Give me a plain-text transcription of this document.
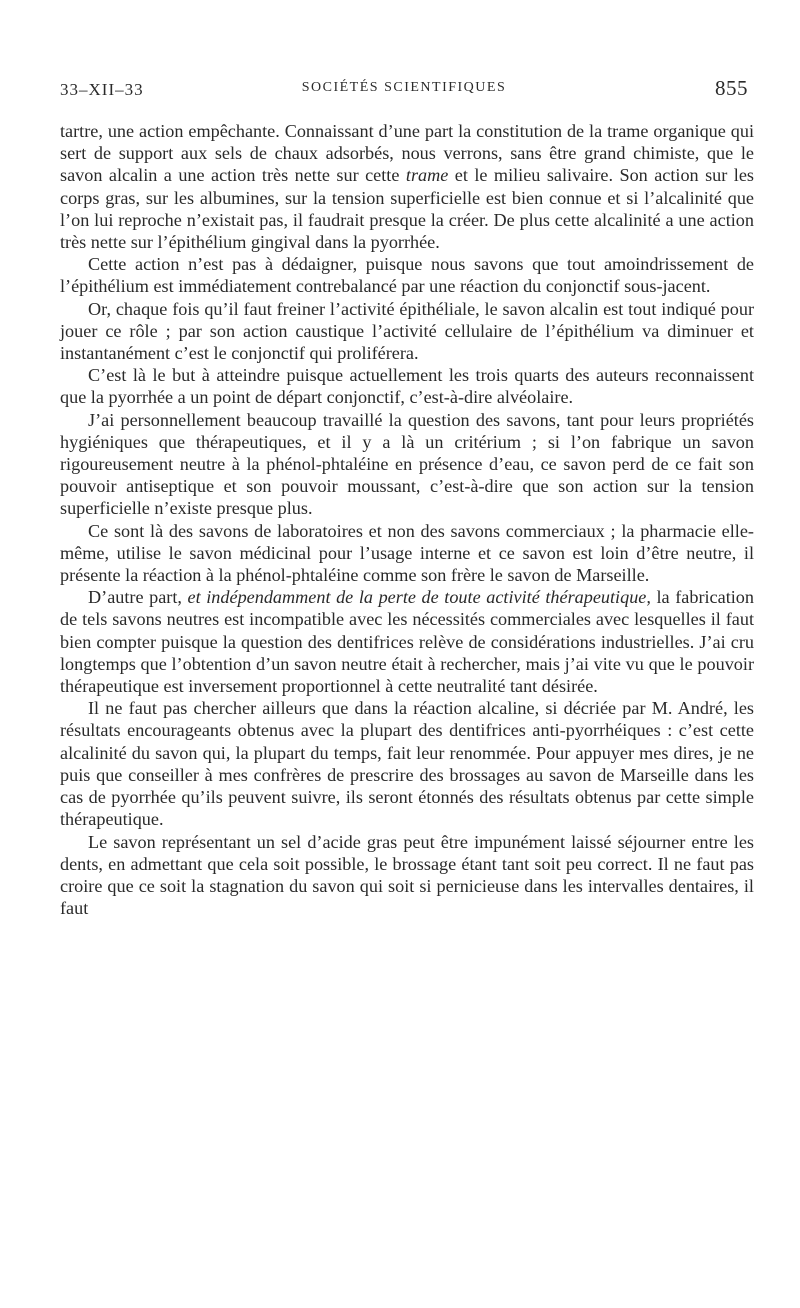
33–XII–33	SOCIÉTÉS SCIENTIFIQUES	855

tartre, une action empêchante. Connaissant d’une part la constitution de la trame organique qui sert de support aux sels de chaux adsorbés, nous verrons, sans être grand chimiste, que le savon alcalin a une action très nette sur cette trame et le milieu salivaire. Son action sur les corps gras, sur les albumines, sur la tension superficielle est bien connue et si l’alcalinité que l’on lui reproche n’existait pas, il faudrait presque la créer. De plus cette alcalinité a une action très nette sur l’épithélium gingival dans la pyorrhée.

Cette action n’est pas à dédaigner, puisque nous savons que tout amoindrissement de l’épithélium est immédiatement contrebalancé par une réaction du conjonctif sous-jacent.

Or, chaque fois qu’il faut freiner l’activité épithéliale, le savon alcalin est tout indiqué pour jouer ce rôle ; par son action caustique l’activité cellulaire de l’épithélium va diminuer et instantanément c’est le conjonctif qui proliférera.

C’est là le but à atteindre puisque actuellement les trois quarts des auteurs reconnaissent que la pyorrhée a un point de départ conjonctif, c’est-à-dire alvéolaire.

J’ai personnellement beaucoup travaillé la question des savons, tant pour leurs propriétés hygiéniques que thérapeutiques, et il y a là un critérium ; si l’on fabrique un savon rigoureusement neutre à la phénol-phtaléine en présence d’eau, ce savon perd de ce fait son pouvoir antiseptique et son pouvoir moussant, c’est-à-dire que son action sur la tension superficielle n’existe presque plus.

Ce sont là des savons de laboratoires et non des savons commerciaux ; la pharmacie elle-même, utilise le savon médicinal pour l’usage interne et ce savon est loin d’être neutre, il présente la réaction à la phénol-phtaléine comme son frère le savon de Marseille.

D’autre part, et indépendamment de la perte de toute activité thérapeutique, la fabrication de tels savons neutres est incompatible avec les nécessités commerciales avec lesquelles il faut bien compter puisque la question des dentifrices relève de considérations industrielles. J’ai cru longtemps que l’obtention d’un savon neutre était à rechercher, mais j’ai vite vu que le pouvoir thérapeutique est inversement proportionnel à cette neutralité tant désirée.

Il ne faut pas chercher ailleurs que dans la réaction alcaline, si décriée par M. André, les résultats encourageants obtenus avec la plupart des dentifrices anti-pyorrhéiques : c’est cette alcalinité du savon qui, la plupart du temps, fait leur renommée. Pour appuyer mes dires, je ne puis que conseiller à mes confrères de prescrire des brossages au savon de Marseille dans les cas de pyorrhée qu’ils peuvent suivre, ils seront étonnés des résultats obtenus par cette simple thérapeutique.

Le savon représentant un sel d’acide gras peut être impunément laissé séjourner entre les dents, en admettant que cela soit possible, le brossage étant tant soit peu correct. Il ne faut pas croire que ce soit la stagnation du savon qui soit si pernicieuse dans les intervalles dentaires, il faut
